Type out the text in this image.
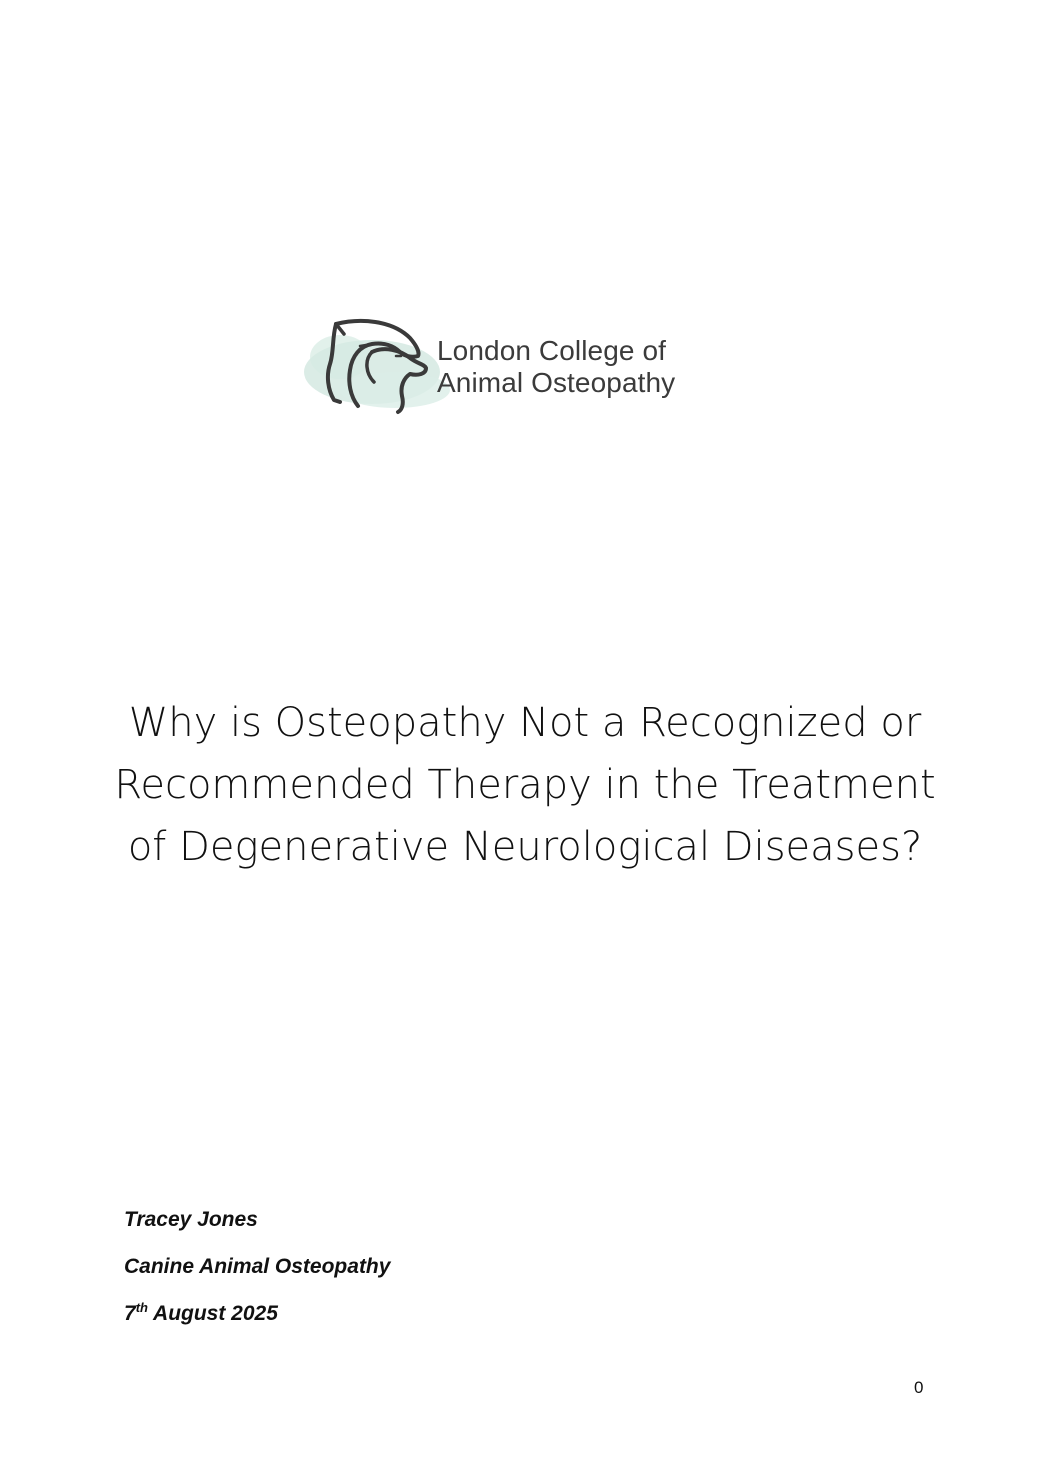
London College of
Animal Osteopathy
Why is Osteopathy Not a Recognized or
Recommended Therapy in the Treatment
of Degenerative Neurological Diseases?
Tracey Jones
Canine Animal Osteopathy
7th August 2025
0
